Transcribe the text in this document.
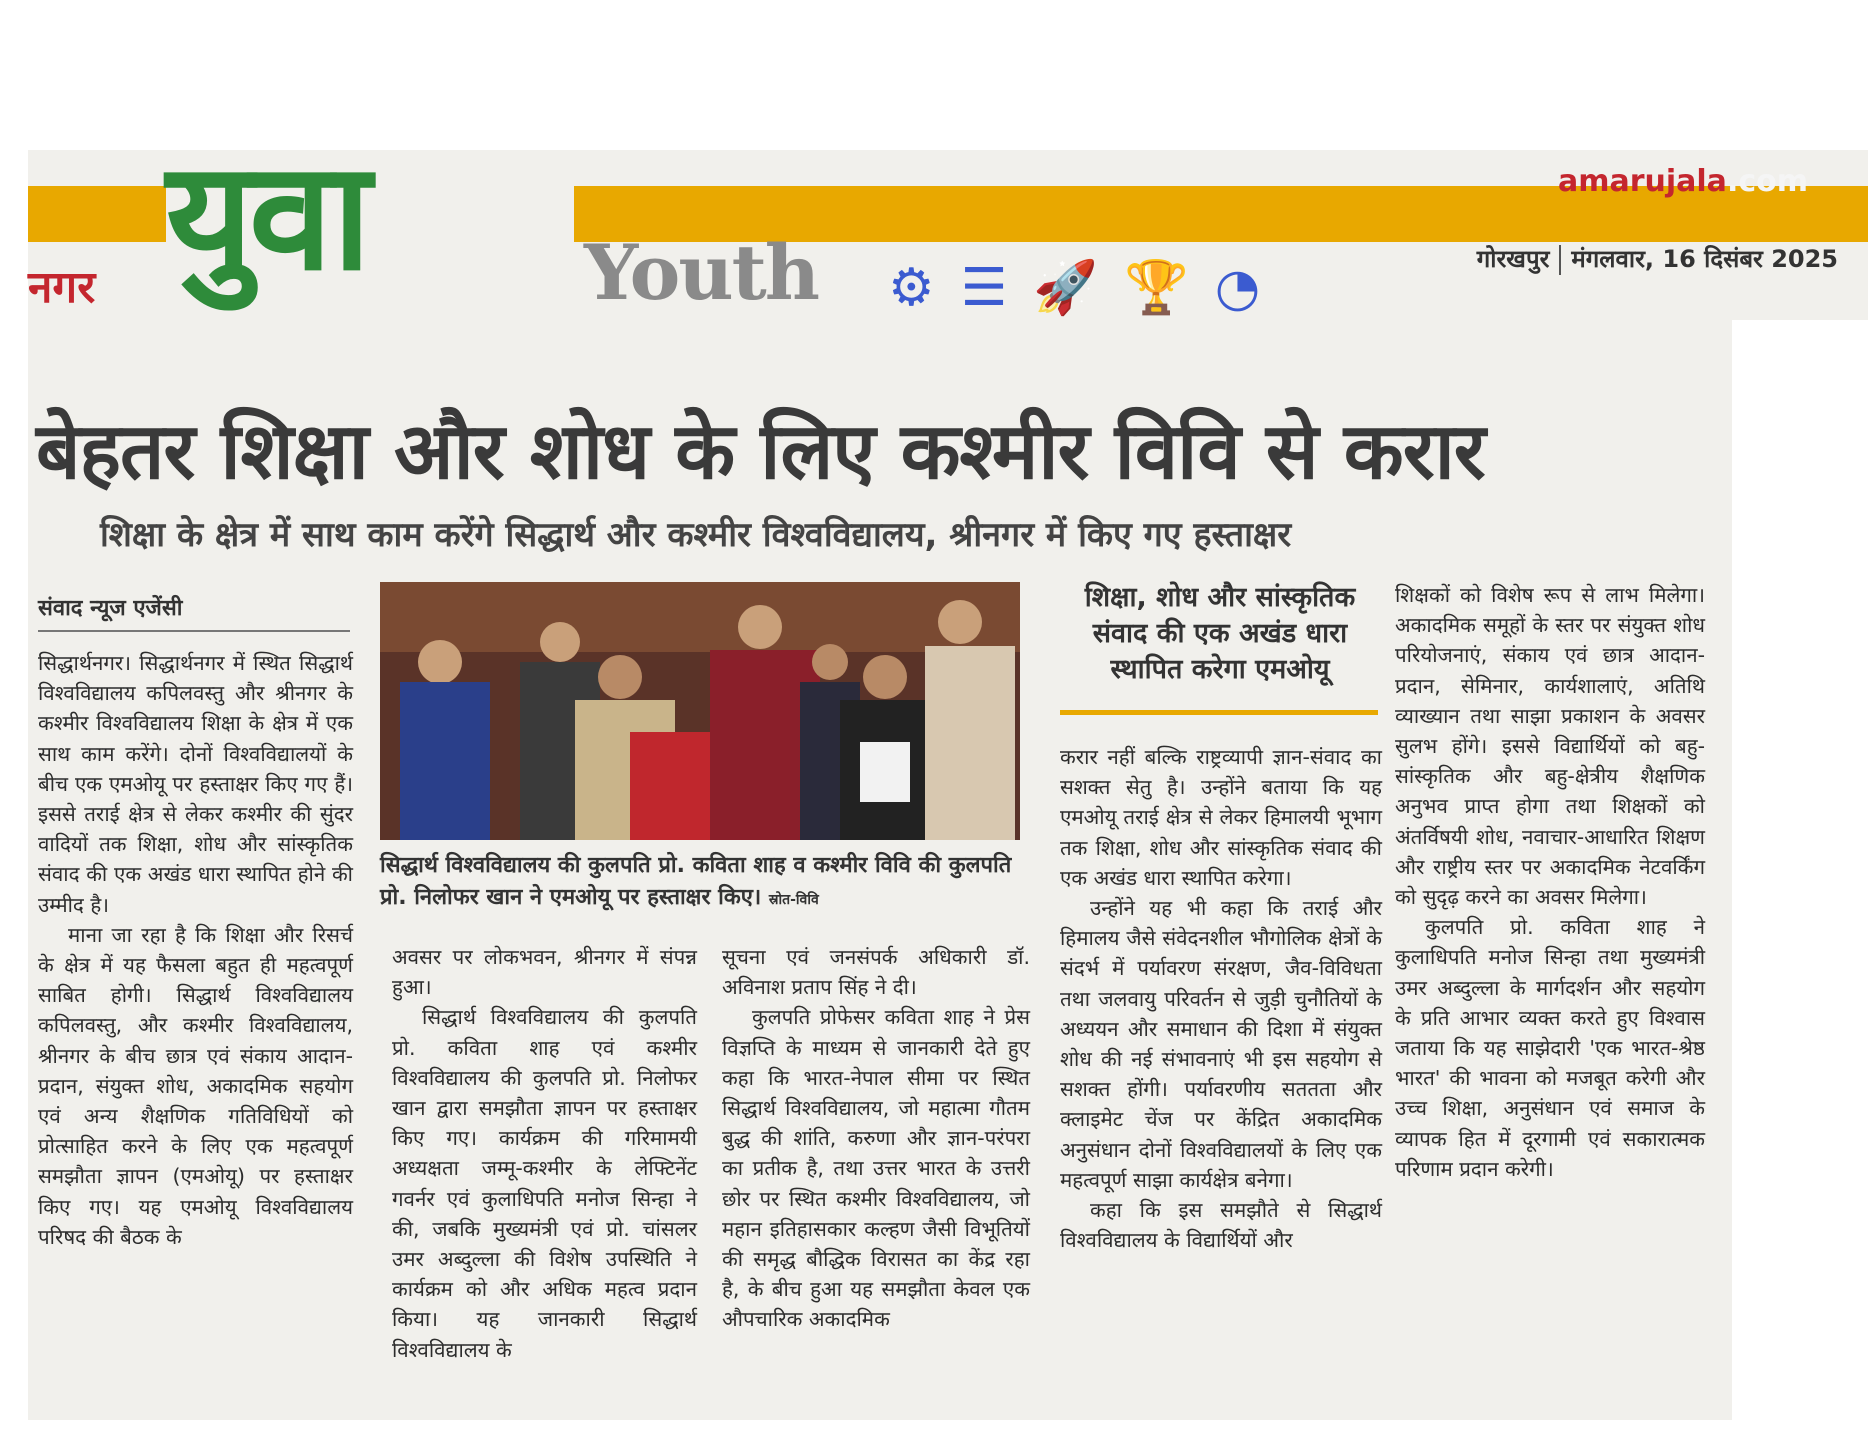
नगर युवा	Youth ⚙ ☰ 🚀 🏆 ◔
amarujala.com
गोरखपुर मंगलवार, 16 दिसंबर 2025
बेहतर शिक्षा और शोध के लिए कश्मीर विवि से करार
शिक्षा के क्षेत्र में साथ काम करेंगे सिद्धार्थ और कश्मीर विश्वविद्यालय, श्रीनगर में किए गए हस्ताक्षर
संवाद न्यूज एजेंसी

सिद्धार्थनगर। सिद्धार्थनगर में स्थित सिद्धार्थ विश्वविद्यालय कपिलवस्तु और श्रीनगर के कश्मीर विश्वविद्यालय शिक्षा के क्षेत्र में एक साथ काम करेंगे। दोनों विश्वविद्यालयों के बीच एक एमओयू पर हस्ताक्षर किए गए हैं। इससे तराई क्षेत्र से लेकर कश्मीर की सुंदर वादियों तक शिक्षा, शोध और सांस्कृतिक संवाद की एक अखंड धारा स्थापित होने की उम्मीद है।

माना जा रहा है कि शिक्षा और रिसर्च के क्षेत्र में यह फैसला बहुत ही महत्वपूर्ण साबित होगी। सिद्धार्थ विश्वविद्यालय कपिलवस्तु, और कश्मीर विश्वविद्यालय, श्रीनगर के बीच छात्र एवं संकाय आदान-प्रदान, संयुक्त शोध, अकादमिक सहयोग एवं अन्य शैक्षणिक गतिविधियों को प्रोत्साहित करने के लिए एक महत्वपूर्ण समझौता ज्ञापन (एमओयू) पर हस्ताक्षर किए गए। यह एमओयू विश्वविद्यालय परिषद की बैठक के

सिद्धार्थ विश्वविद्यालय की कुलपति प्रो. कविता शाह व कश्मीर विवि की कुलपति प्रो. निलोफर खान ने एमओयू पर हस्ताक्षर किए। स्रोत-विवि

अवसर पर लोकभवन, श्रीनगर में संपन्न हुआ।

सिद्धार्थ विश्वविद्यालय की कुलपति प्रो. कविता शाह एवं कश्मीर विश्वविद्यालय की कुलपति प्रो. निलोफर खान द्वारा समझौता ज्ञापन पर हस्ताक्षर किए गए। कार्यक्रम की गरिमामयी अध्यक्षता जम्मू-कश्मीर के लेफ्टिनेंट गवर्नर एवं कुलाधिपति मनोज सिन्हा ने की, जबकि मुख्यमंत्री एवं प्रो. चांसलर उमर अब्दुल्ला की विशेष उपस्थिति ने कार्यक्रम को और अधिक महत्व प्रदान किया। यह जानकारी सिद्धार्थ विश्वविद्यालय के

सूचना एवं जनसंपर्क अधिकारी डॉ. अविनाश प्रताप सिंह ने दी।

कुलपति प्रोफेसर कविता शाह ने प्रेस विज्ञप्ति के माध्यम से जानकारी देते हुए कहा कि भारत-नेपाल सीमा पर स्थित सिद्धार्थ विश्वविद्यालय, जो महात्मा गौतम बुद्ध की शांति, करुणा और ज्ञान-परंपरा का प्रतीक है, तथा उत्तर भारत के उत्तरी छोर पर स्थित कश्मीर विश्वविद्यालय, जो महान इतिहासकार कल्हण जैसी विभूतियों की समृद्ध बौद्धिक विरासत का केंद्र रहा है, के बीच हुआ यह समझौता केवल एक औपचारिक अकादमिक

शिक्षा, शोध और सांस्कृतिक संवाद की एक अखंड धारा स्थापित करेगा एमओयू

करार नहीं बल्कि राष्ट्रव्यापी ज्ञान-संवाद का सशक्त सेतु है। उन्होंने बताया कि यह एमओयू तराई क्षेत्र से लेकर हिमालयी भूभाग तक शिक्षा, शोध और सांस्कृतिक संवाद की एक अखंड धारा स्थापित करेगा।

उन्होंने यह भी कहा कि तराई और हिमालय जैसे संवेदनशील भौगोलिक क्षेत्रों के संदर्भ में पर्यावरण संरक्षण, जैव-विविधता तथा जलवायु परिवर्तन से जुड़ी चुनौतियों के अध्ययन और समाधान की दिशा में संयुक्त शोध की नई संभावनाएं भी इस सहयोग से सशक्त होंगी। पर्यावरणीय सततता और क्लाइमेट चेंज पर केंद्रित अकादमिक अनुसंधान दोनों विश्वविद्यालयों के लिए एक महत्वपूर्ण साझा कार्यक्षेत्र बनेगा।

कहा कि इस समझौते से सिद्धार्थ विश्वविद्यालय के विद्यार्थियों और

शिक्षकों को विशेष रूप से लाभ मिलेगा। अकादमिक समूहों के स्तर पर संयुक्त शोध परियोजनाएं, संकाय एवं छात्र आदान-प्रदान, सेमिनार, कार्यशालाएं, अतिथि व्याख्यान तथा साझा प्रकाशन के अवसर सुलभ होंगे। इससे विद्यार्थियों को बहु-सांस्कृतिक और बहु-क्षेत्रीय शैक्षणिक अनुभव प्राप्त होगा तथा शिक्षकों को अंतर्विषयी शोध, नवाचार-आधारित शिक्षण और राष्ट्रीय स्तर पर अकादमिक नेटवर्किंग को सुदृढ़ करने का अवसर मिलेगा।

कुलपति प्रो. कविता शाह ने कुलाधिपति मनोज सिन्हा तथा मुख्यमंत्री उमर अब्दुल्ला के मार्गदर्शन और सहयोग के प्रति आभार व्यक्त करते हुए विश्वास जताया कि यह साझेदारी 'एक भारत-श्रेष्ठ भारत' की भावना को मजबूत करेगी और उच्च शिक्षा, अनुसंधान एवं समाज के व्यापक हित में दूरगामी एवं सकारात्मक परिणाम प्रदान करेगी।
